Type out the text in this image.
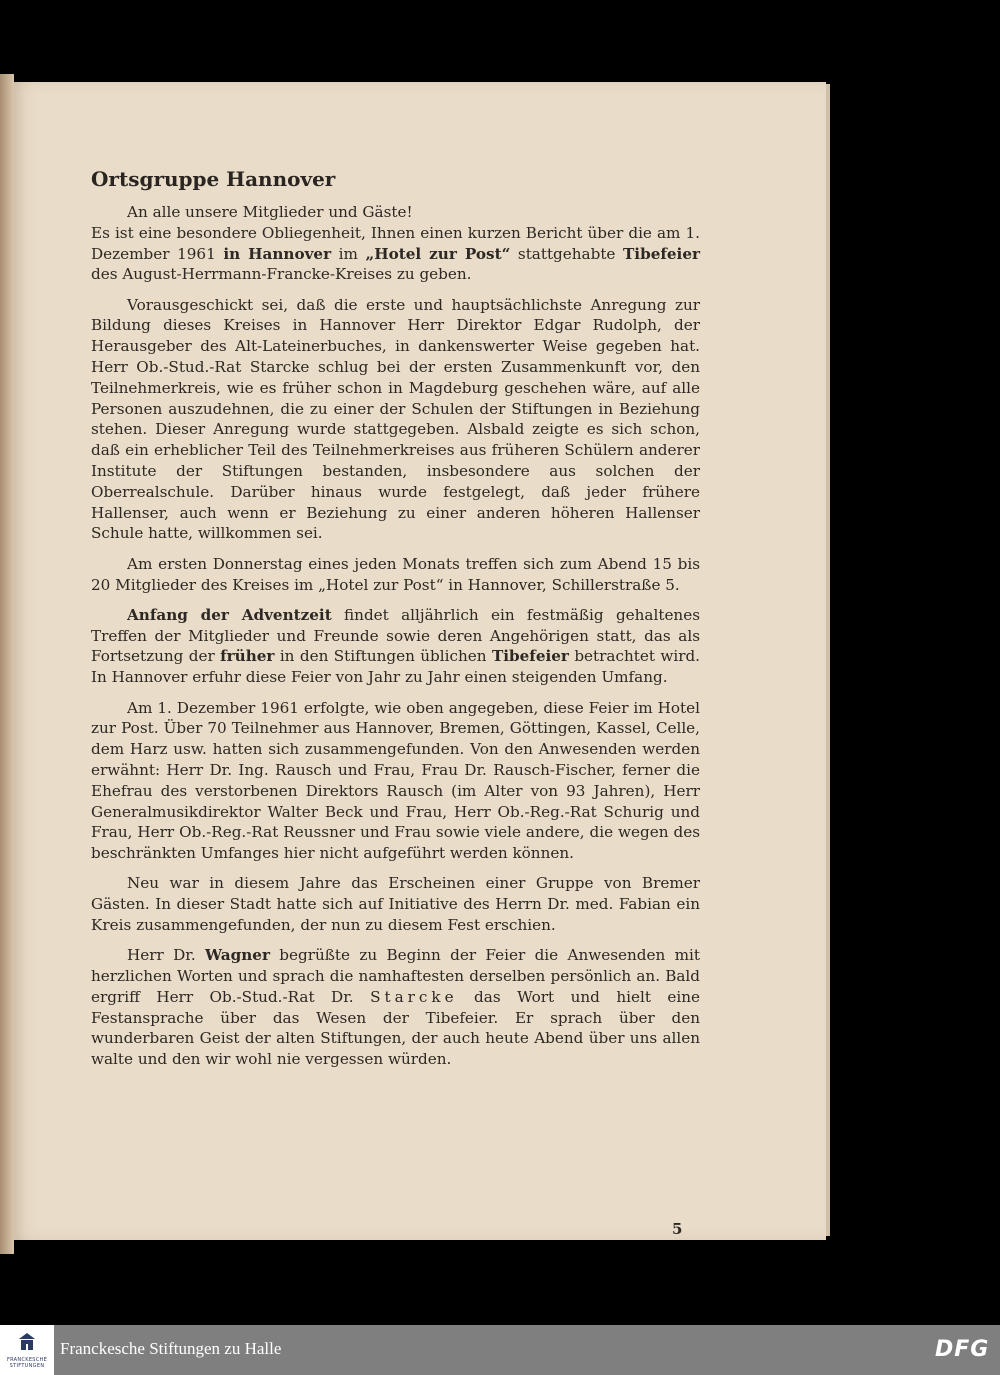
Ortsgruppe Hannover

An alle unsere Mitglieder und Gäste!

Es ist eine besondere Obliegenheit, Ihnen einen kurzen Bericht über die am 1. Dezember 1961 in Hannover im „Hotel zur Post“ stattgehabte Tibefeier des August-Herrmann-Francke-Kreises zu geben.

Vorausgeschickt sei, daß die erste und hauptsächlichste Anregung zur Bildung dieses Kreises in Hannover Herr Direktor Edgar Rudolph, der Herausgeber des Alt-Lateinerbuches, in dankenswerter Weise gegeben hat. Herr Ob.-Stud.-Rat Starcke schlug bei der ersten Zusammenkunft vor, den Teilnehmerkreis, wie es früher schon in Magdeburg geschehen wäre, auf alle Personen auszudehnen, die zu einer der Schulen der Stiftungen in Beziehung stehen. Dieser Anregung wurde stattgegeben. Alsbald zeigte es sich schon, daß ein erheblicher Teil des Teilnehmerkreises aus früheren Schülern anderer Institute der Stiftungen bestanden, insbesondere aus solchen der Oberrealschule. Darüber hinaus wurde festgelegt, daß jeder frühere Hallenser, auch wenn er Beziehung zu einer anderen höheren Hallenser Schule hatte, willkommen sei.

Am ersten Donnerstag eines jeden Monats treffen sich zum Abend 15 bis 20 Mitglieder des Kreises im „Hotel zur Post“ in Hannover, Schillerstraße 5.

Anfang der Adventzeit findet alljährlich ein festmäßig gehaltenes Treffen der Mitglieder und Freunde sowie deren Angehörigen statt, das als Fortsetzung der früher in den Stiftungen üblichen Tibefeier betrachtet wird. In Hannover erfuhr diese Feier von Jahr zu Jahr einen steigenden Umfang.

Am 1. Dezember 1961 erfolgte, wie oben angegeben, diese Feier im Hotel zur Post. Über 70 Teilnehmer aus Hannover, Bremen, Göttingen, Kassel, Celle, dem Harz usw. hatten sich zusammengefunden. Von den Anwesenden werden erwähnt: Herr Dr. Ing. Rausch und Frau, Frau Dr. Rausch-Fischer, ferner die Ehefrau des verstorbenen Direktors Rausch (im Alter von 93 Jahren), Herr Generalmusikdirektor Walter Beck und Frau, Herr Ob.-Reg.-Rat Schurig und Frau, Herr Ob.-Reg.-Rat Reussner und Frau sowie viele andere, die wegen des beschränkten Umfanges hier nicht aufgeführt werden können.

Neu war in diesem Jahre das Erscheinen einer Gruppe von Bremer Gästen. In dieser Stadt hatte sich auf Initiative des Herrn Dr. med. Fabian ein Kreis zusammengefunden, der nun zu diesem Fest erschien.

Herr Dr. Wagner begrüßte zu Beginn der Feier die Anwesenden mit herzlichen Worten und sprach die namhaftesten derselben persönlich an. Bald ergriff Herr Ob.-Stud.-Rat Dr. Starcke das Wort und hielt eine Festansprache über das Wesen der Tibefeier. Er sprach über den wunderbaren Geist der alten Stiftungen, der auch heute Abend über uns allen walte und den wir wohl nie vergessen würden.

5
FRANCKESCHE
STIFTUNGEN
Franckesche Stiftungen zu Halle	DFG
